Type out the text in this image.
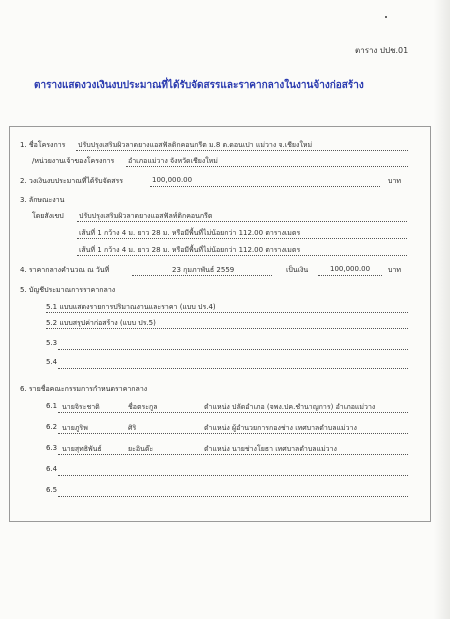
ตาราง ปปช.01
ตารางแสดงวงเงินงบประมาณที่ได้รับจัดสรรและราคากลางในงานจ้างก่อสร้าง
1. ชื่อโครงการ ปรับปรุงเสริมผิวลาดยางแอสฟัลติกคอนกรีต ม.8 ต.ดอนเปา แม่วาง จ.เชียงใหม่
/หน่วยงานเจ้าของโครงการ อำเภอแม่วาง จังหวัดเชียงใหม่
2. วงเงินงบประมาณที่ได้รับจัดสรร	100,000.00	บาท
3. ลักษณะงาน
โดยสังเขป ปรับปรุงเสริมผิวลาดยางแอสฟัลท์ติกคอนกรีต
เส้นที่ 1 กว้าง 4 ม. ยาว 28 ม. หรือมีพื้นที่ไม่น้อยกว่า 112.00 ตารางเมตร
เส้นที่ 1 กว้าง 4 ม. ยาว 28 ม. หรือมีพื้นที่ไม่น้อยกว่า 112.00 ตารางเมตร
4. ราคากลางคำนวณ ณ วันที่	23 กุมภาพันธ์ 2559	เป็นเงิน	100,000.00	บาท
5. บัญชีประมาณการราคากลาง
5.1 แบบแสดงรายการปริมาณงานและราคา (แบบ ปร.4)
5.2 แบบสรุปค่าก่อสร้าง (แบบ ปร.5)
5.3
5.4
6. รายชื่อคณะกรรมการกำหนดราคากลาง
6.1 นายจิระชาติ	ชื่อตระกูล	ตำแหน่ง ปลัดอำเภอ (จพง.ปค.ชำนาญการ) อำเภอแม่วาง
6.2 นายภูริพ	ศิริ	ตำแหน่ง ผู้อำนวยการกองช่าง เทศบาลตำบลแม่วาง
6.3 นายสุทธิพันธ์	ยะอินต๊ะ	ตำแหน่ง นายช่างโยธา เทศบาลตำบลแม่วาง
6.4
6.5
